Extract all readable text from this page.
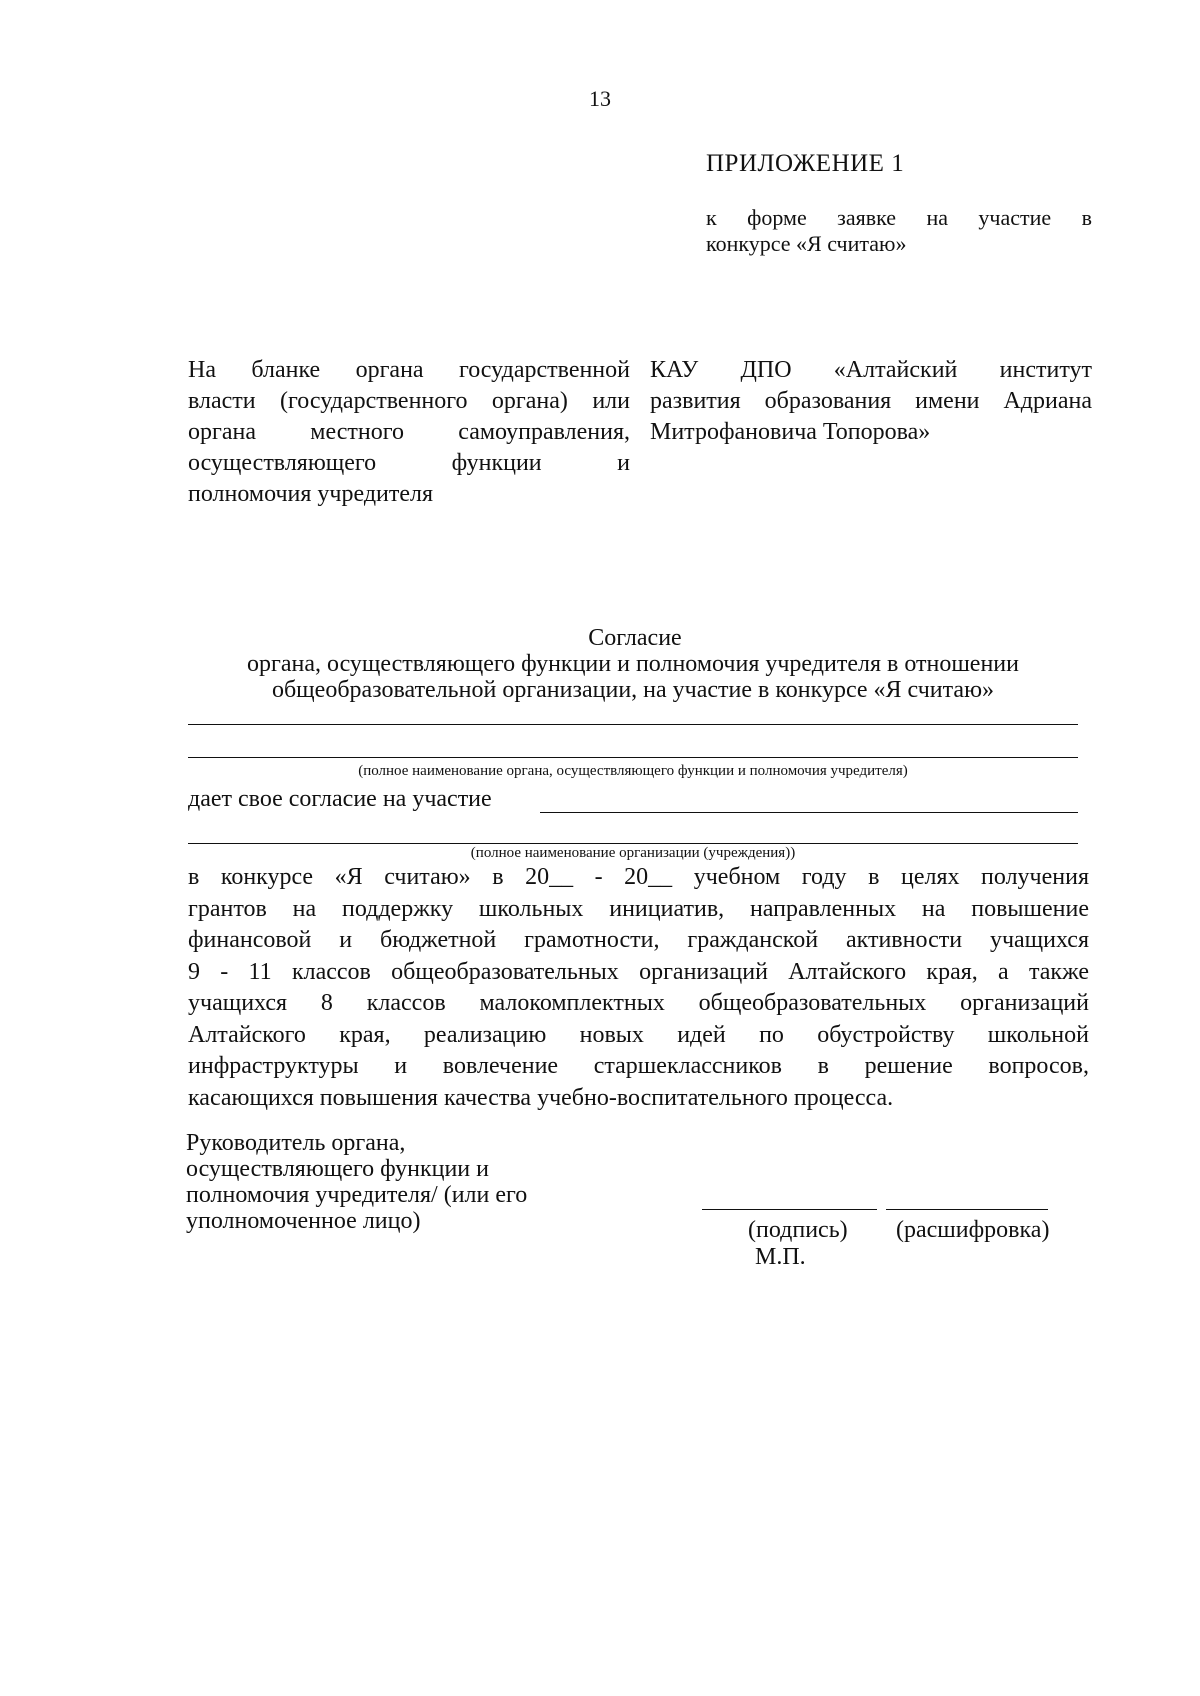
13
ПРИЛОЖЕНИЕ 1
к форме заявке на участие в
конкурсе «Я считаю»
На бланке органа государственной
власти (государственного органа) или
органа местного самоуправления,
осуществляющего функции и
полномочия учредителя
КАУ ДПО «Алтайский институт
развития образования имени Адриана
Митрофановича Топорова»
Согласие
органа, осуществляющего функции и полномочия учредителя в отношении
общеобразовательной организации, на участие в конкурсе «Я считаю»
(полное наименование органа, осуществляющего функции и полномочия учредителя)
дает свое согласие на участие
(полное наименование организации (учреждения))
в конкурсе «Я считаю» в 20__ - 20__ учебном году в целях получения
грантов на поддержку школьных инициатив, направленных на повышение
финансовой и бюджетной грамотности, гражданской активности учащихся
9 - 11 классов общеобразовательных организаций Алтайского края, а также
учащихся 8 классов малокомплектных общеобразовательных организаций
Алтайского края, реализацию новых идей по обустройству школьной
инфраструктуры и вовлечение старшеклассников в решение вопросов,
касающихся повышения качества учебно-воспитательного процесса.
Руководитель органа,
осуществляющего функции и
полномочия учредителя/ (или его
уполномоченное лицо)	(подпись) (расшифровка)
М.П.
